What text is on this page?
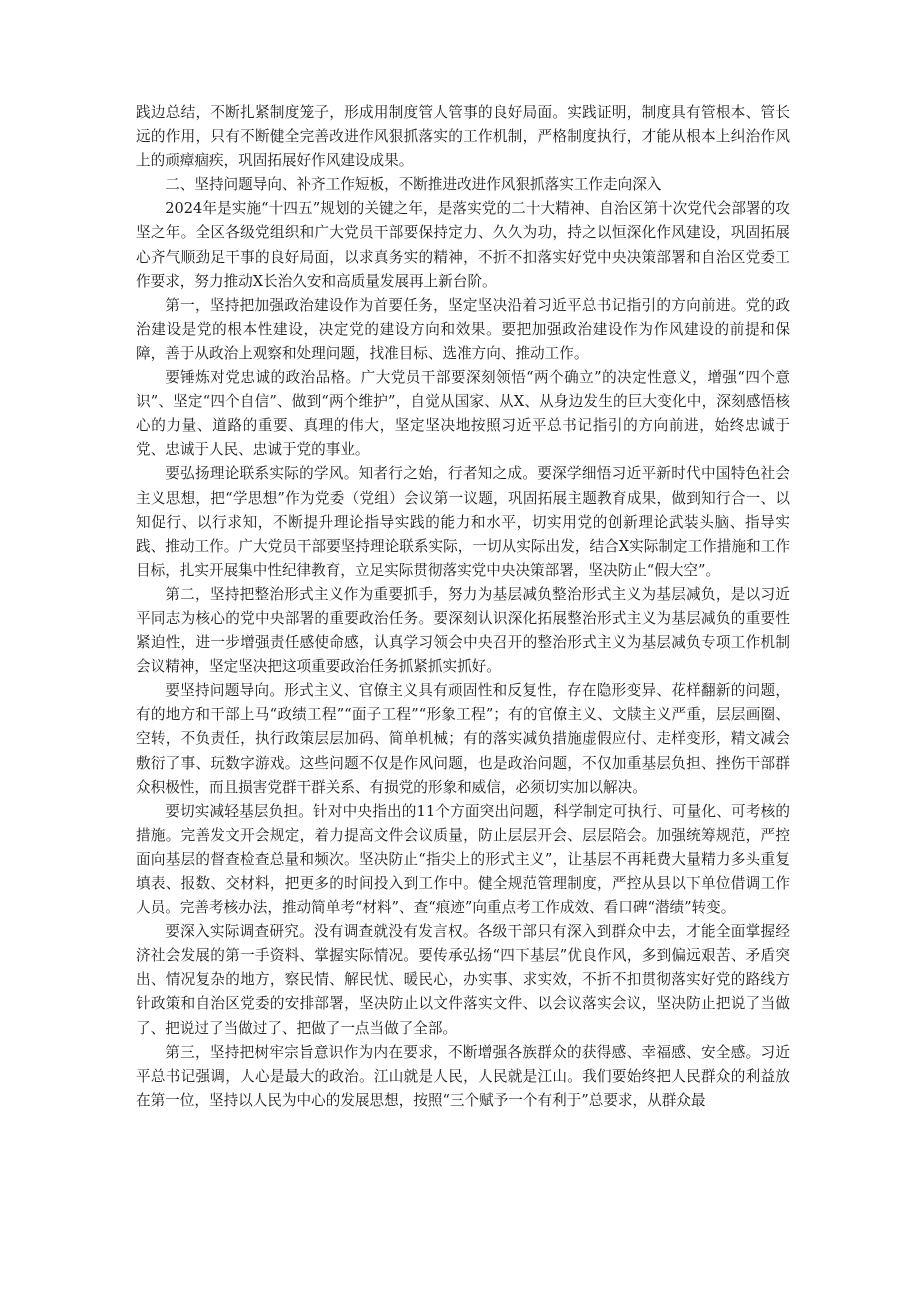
践边总结，不断扎紧制度笼子，形成用制度管人管事的良好局面。实践证明，制度具有管根本、管长远的作用，只有不断健全完善改进作风狠抓落实的工作机制，严格制度执行，才能从根本上纠治作风上的顽瘴痼疾，巩固拓展好作风建设成果。

二、坚持问题导向、补齐工作短板，不断推进改进作风狠抓落实工作走向深入

2024年是实施“十四五”规划的关键之年，是落实党的二十大精神、自治区第十次党代会部署的攻坚之年。全区各级党组织和广大党员干部要保持定力、久久为功，持之以恒深化作风建设，巩固拓展心齐气顺劲足干事的良好局面，以求真务实的精神，不折不扣落实好党中央决策部署和自治区党委工作要求，努力推动X长治久安和高质量发展再上新台阶。

第一，坚持把加强政治建设作为首要任务，坚定坚决沿着习近平总书记指引的方向前进。党的政治建设是党的根本性建设，决定党的建设方向和效果。要把加强政治建设作为作风建设的前提和保障，善于从政治上观察和处理问题，找准目标、选准方向、推动工作。

要锤炼对党忠诚的政治品格。广大党员干部要深刻领悟“两个确立”的决定性意义，增强“四个意识”、坚定“四个自信”、做到“两个维护”，自觉从国家、从X、从身边发生的巨大变化中，深刻感悟核心的力量、道路的重要、真理的伟大，坚定坚决地按照习近平总书记指引的方向前进，始终忠诚于党、忠诚于人民、忠诚于党的事业。

要弘扬理论联系实际的学风。知者行之始，行者知之成。要深学细悟习近平新时代中国特色社会主义思想，把“学思想”作为党委（党组）会议第一议题，巩固拓展主题教育成果，做到知行合一、以知促行、以行求知，不断提升理论指导实践的能力和水平，切实用党的创新理论武装头脑、指导实践、推动工作。广大党员干部要坚持理论联系实际，一切从实际出发，结合X实际制定工作措施和工作目标，扎实开展集中性纪律教育，立足实际贯彻落实党中央决策部署，坚决防止“假大空”。

第二，坚持把整治形式主义作为重要抓手，努力为基层减负整治形式主义为基层减负，是以习近平同志为核心的党中央部署的重要政治任务。要深刻认识深化拓展整治形式主义为基层减负的重要性紧迫性，进一步增强责任感使命感，认真学习领会中央召开的整治形式主义为基层减负专项工作机制会议精神，坚定坚决把这项重要政治任务抓紧抓实抓好。

要坚持问题导向。形式主义、官僚主义具有顽固性和反复性，存在隐形变异、花样翻新的问题，有的地方和干部上马“政绩工程”“面子工程”“形象工程”；有的官僚主义、文牍主义严重，层层画圈、空转，不负责任，执行政策层层加码、简单机械；有的落实减负措施虚假应付、走样变形，精文减会敷衍了事、玩数字游戏。这些问题不仅是作风问题，也是政治问题，不仅加重基层负担、挫伤干部群众积极性，而且损害党群干群关系、有损党的形象和威信，必须切实加以解决。

要切实减轻基层负担。针对中央指出的11个方面突出问题，科学制定可执行、可量化、可考核的措施。完善发文开会规定，着力提高文件会议质量，防止层层开会、层层陪会。加强统筹规范，严控面向基层的督查检查总量和频次。坚决防止“指尖上的形式主义”，让基层不再耗费大量精力多头重复填表、报数、交材料，把更多的时间投入到工作中。健全规范管理制度，严控从县以下单位借调工作人员。完善考核办法，推动简单考“材料”、查“痕迹”向重点考工作成效、看口碑“潜绩”转变。

要深入实际调查研究。没有调查就没有发言权。各级干部只有深入到群众中去，才能全面掌握经济社会发展的第一手资料、掌握实际情况。要传承弘扬“四下基层”优良作风，多到偏远艰苦、矛盾突出、情况复杂的地方，察民情、解民忧、暖民心，办实事、求实效，不折不扣贯彻落实好党的路线方针政策和自治区党委的安排部署，坚决防止以文件落实文件、以会议落实会议，坚决防止把说了当做了、把说过了当做过了、把做了一点当做了全部。

第三，坚持把树牢宗旨意识作为内在要求，不断增强各族群众的获得感、幸福感、安全感。习近平总书记强调，人心是最大的政治。江山就是人民，人民就是江山。我们要始终把人民群众的利益放在第一位，坚持以人民为中心的发展思想，按照“三个赋予一个有利于”总要求，从群众最
